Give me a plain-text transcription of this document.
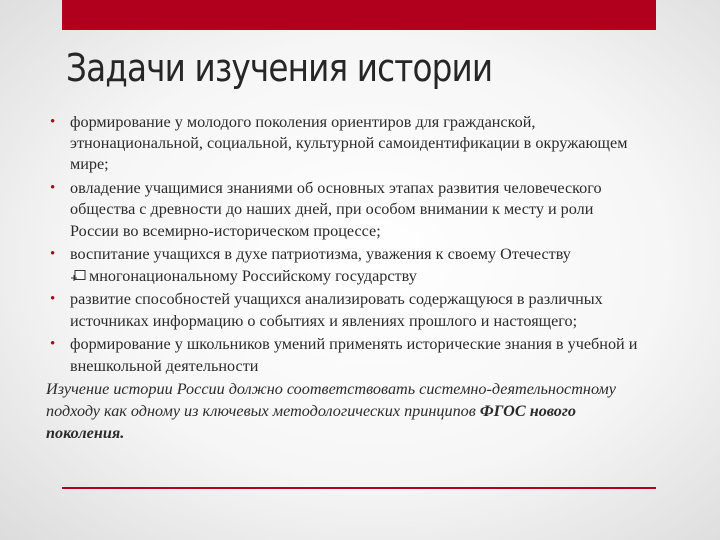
Задачи изучения истории
• формирование у молодого поколения ориентиров для гражданской, этнонациональной, социальной, культурной самоидентификации в окружающем мире;
• овладение учащимися знаниями об основных этапах развития человеческого общества с древности до наших дней, при особом внимании к месту и роли России во всемирно-историческом процессе;
• воспитание учащихся в духе патриотизма, уважения к своему Отечеству
многонациональному Российскому государству
• развитие способностей учащихся анализировать содержащуюся в различных источниках информацию о событиях и явлениях прошлого и настоящего;
• формирование у школьников умений применять исторические знания в учебной и внешкольной деятельности
Изучение истории России должно соответствовать системно-деятельностному подходу как одному из ключевых методологических принципов ФГОС нового поколения.
